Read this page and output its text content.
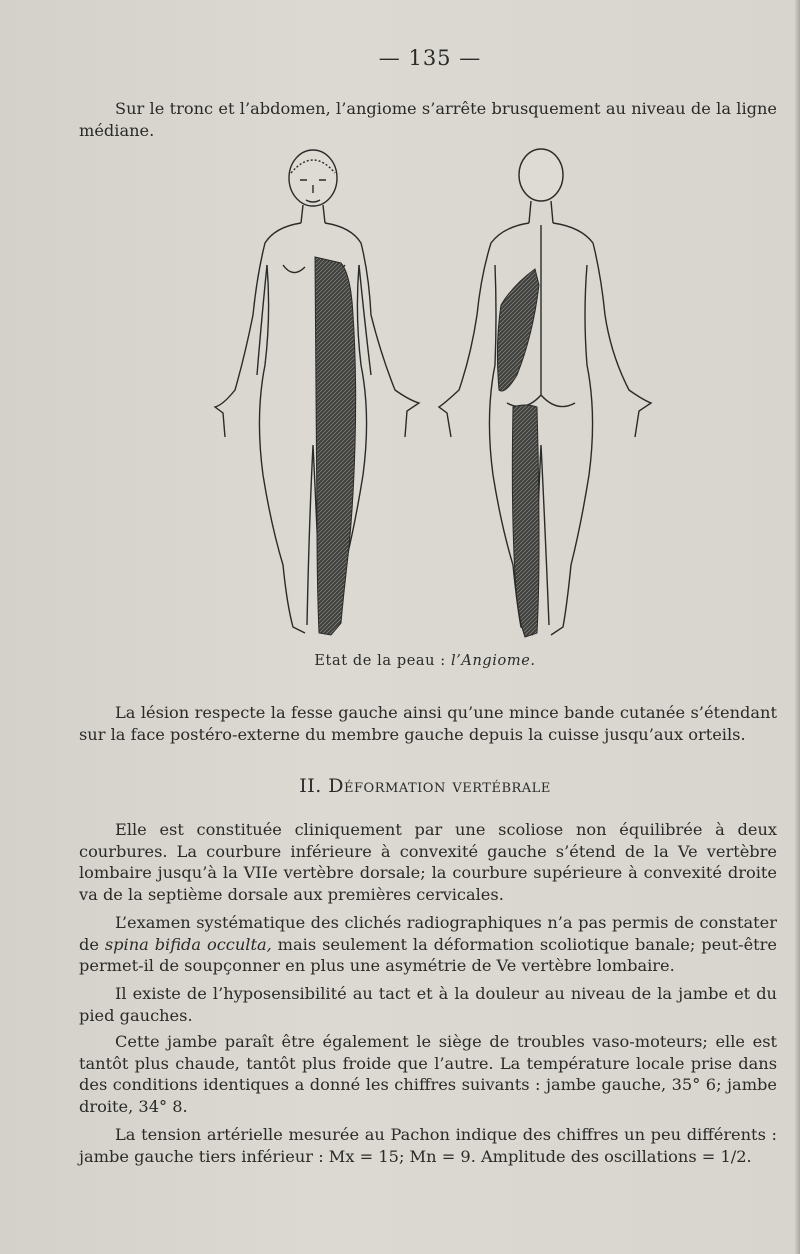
— 135 —

Sur le tronc et l’abdomen, l’angiome s’arrête brusquement au niveau de la ligne médiane.

Etat de la peau : l’Angiome.

La lésion respecte la fesse gauche ainsi qu’une mince bande cutanée s’étendant sur la face postéro-externe du membre gauche depuis la cuisse jusqu’aux orteils.

II. Déformation vertébrale

Elle est constituée cliniquement par une scoliose non équilibrée à deux courbures. La courbure inférieure à convexité gauche s’étend de la Ve vertèbre lombaire jusqu’à la VIIe vertèbre dorsale; la courbure supérieure à convexité droite va de la septième dorsale aux premières cervicales.

L’examen systématique des clichés radiographiques n’a pas permis de constater de spina bifida occulta, mais seulement la déformation scoliotique banale; peut-être permet-il de soupçonner en plus une asymétrie de Ve vertèbre lombaire.

Il existe de l’hyposensibilité au tact et à la douleur au niveau de la jambe et du pied gauches.

Cette jambe paraît être également le siège de troubles vaso-moteurs; elle est tantôt plus chaude, tantôt plus froide que l’autre. La température locale prise dans des conditions identiques a donné les chiffres suivants : jambe gauche, 35° 6; jambe droite, 34° 8.

La tension artérielle mesurée au Pachon indique des chiffres un peu différents : jambe gauche tiers inférieur : Mx = 15; Mn = 9. Amplitude des oscillations = 1/2.
